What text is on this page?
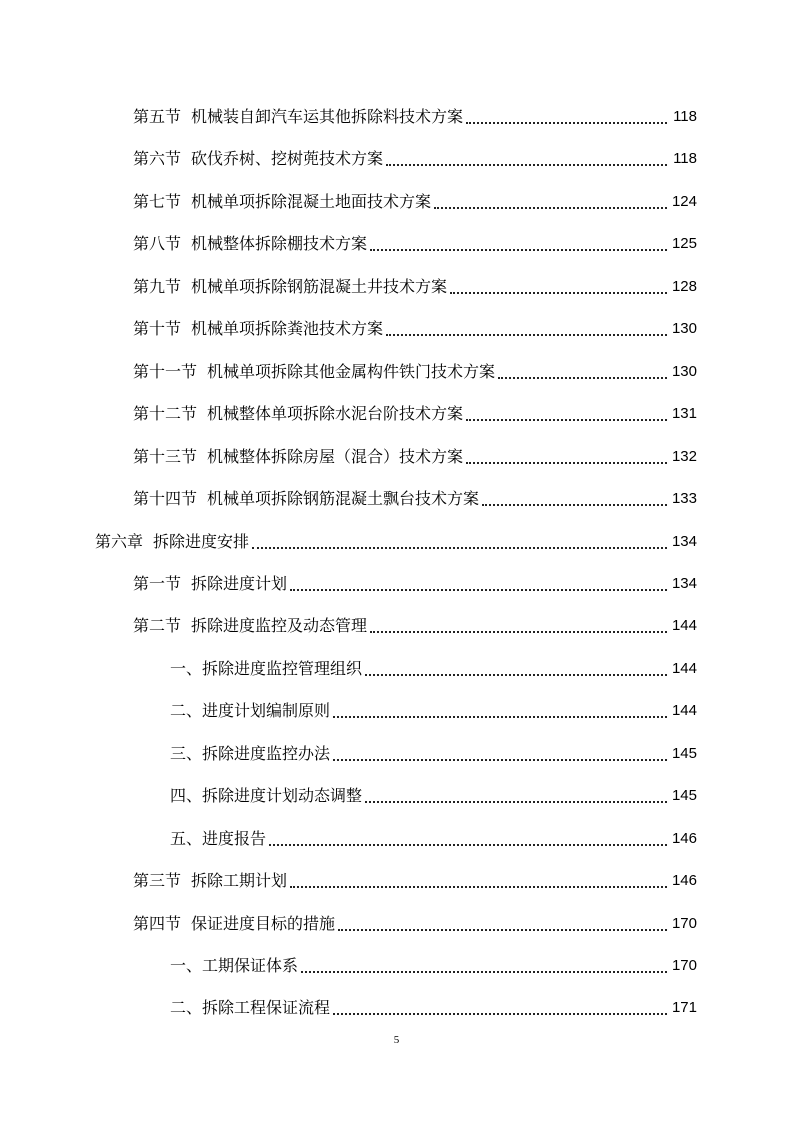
第五节 机械装自卸汽车运其他拆除料技术方案	118
第六节 砍伐乔树、挖树蔸技术方案	118
第七节 机械单项拆除混凝土地面技术方案	124
第八节 机械整体拆除棚技术方案	125
第九节 机械单项拆除钢筋混凝土井技术方案	128
第十节 机械单项拆除粪池技术方案	130
第十一节 机械单项拆除其他金属构件铁门技术方案	130
第十二节 机械整体单项拆除水泥台阶技术方案	131
第十三节 机械整体拆除房屋（混合）技术方案	132
第十四节 机械单项拆除钢筋混凝土飘台技术方案	133
第六章 拆除进度安排	134
第一节 拆除进度计划	134
第二节 拆除进度监控及动态管理	144
一、拆除进度监控管理组织	144
二、进度计划编制原则	144
三、拆除进度监控办法	145
四、拆除进度计划动态调整	145
五、进度报告	146
第三节 拆除工期计划	146
第四节 保证进度目标的措施	170
一、工期保证体系	170
二、拆除工程保证流程	171
5
